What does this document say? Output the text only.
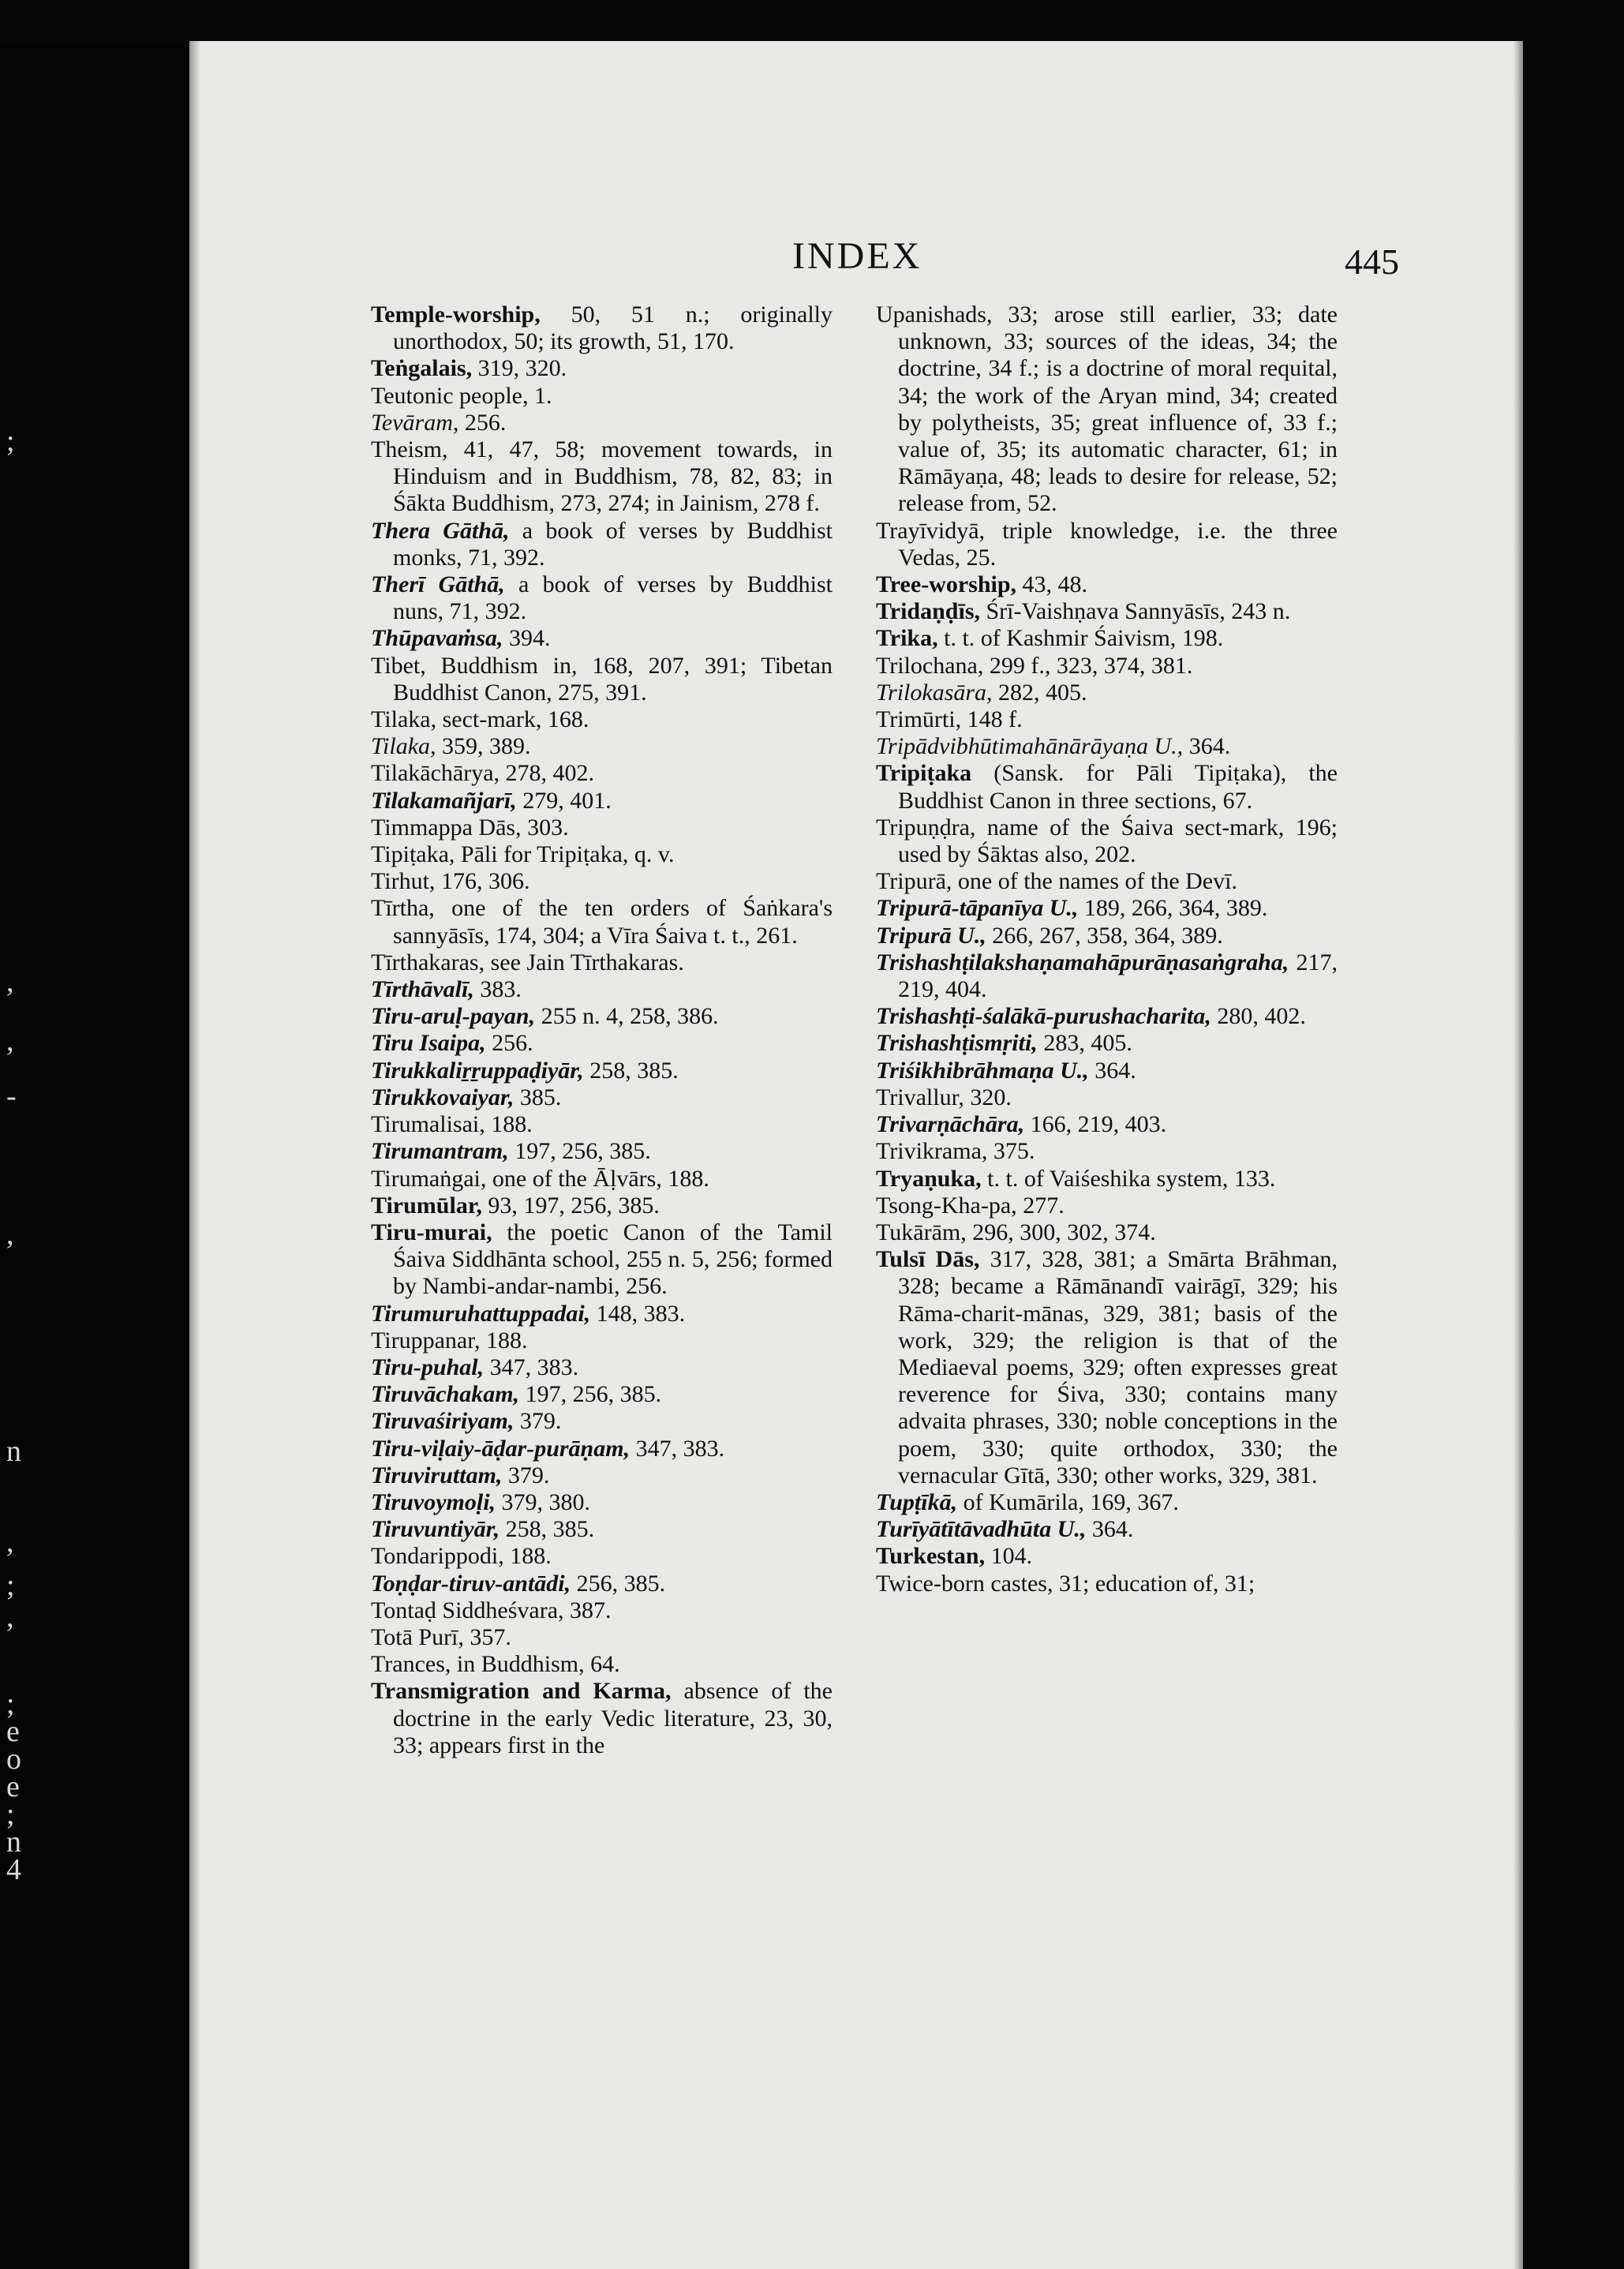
;
,
,
-
,
n
,
;
,
;
e
o
e
;
n
4
INDEX	445

Temple-worship, 50, 51 n.; originally unorthodox, 50; its growth, 51, 170.

Teṅgalais, 319, 320.

Teutonic people, 1.

Tevāram, 256.

Theism, 41, 47, 58; movement towards, in Hinduism and in Buddhism, 78, 82, 83; in Śākta Buddhism, 273, 274; in Jainism, 278 f.

Thera Gāthā, a book of verses by Buddhist monks, 71, 392.

Therī Gāthā, a book of verses by Buddhist nuns, 71, 392.

Thūpavaṁsa, 394.

Tibet, Buddhism in, 168, 207, 391; Tibetan Buddhist Canon, 275, 391.

Tilaka, sect-mark, 168.

Tilaka, 359, 389.

Tilakāchārya, 278, 402.

Tilakamañjarī, 279, 401.

Timmappa Dās, 303.

Tipiṭaka, Pāli for Tripiṭaka, q. v.

Tirhut, 176, 306.

Tīrtha, one of the ten orders of Śaṅkara's sannyāsīs, 174, 304; a Vīra Śaiva t. t., 261.

Tīrthakaras, see Jain Tīrthakaras.

Tīrthāvalī, 383.

Tiru-aruḷ-payan, 255 n. 4, 258, 386.

Tiru Isaipa, 256.

Tirukkaliṟṟuppaḍiyār, 258, 385.

Tirukkovaiyar, 385.

Tirumalisai, 188.

Tirumantram, 197, 256, 385.

Tirumaṅgai, one of the Āḷvārs, 188.

Tirumūlar, 93, 197, 256, 385.

Tiru-murai, the poetic Canon of the Tamil Śaiva Siddhānta school, 255 n. 5, 256; formed by Nambi-andar-nambi, 256.

Tirumuruhattuppadai, 148, 383.

Tiruppanar, 188.

Tiru-puhal, 347, 383.

Tiruvāchakam, 197, 256, 385.

Tiruvaśiriyam, 379.

Tiru-viḷaiy-āḍar-purāṇam, 347, 383.

Tiruviruttam, 379.

Tiruvoymoḷi, 379, 380.

Tiruvuntiyār, 258, 385.

Tondarippodi, 188.

Toṇḍar-tiruv-antādi, 256, 385.

Tontaḍ Siddheśvara, 387.

Totā Purī, 357.

Trances, in Buddhism, 64.

Transmigration and Karma, absence of the doctrine in the early Vedic literature, 23, 30, 33; appears first in the

Upanishads, 33; arose still earlier, 33; date unknown, 33; sources of the ideas, 34; the doctrine, 34 f.; is a doctrine of moral requital, 34; the work of the Aryan mind, 34; created by polytheists, 35; great influence of, 33 f.; value of, 35; its automatic character, 61; in Rāmāyaṇa, 48; leads to desire for release, 52; release from, 52.

Trayīvidyā, triple knowledge, i.e. the three Vedas, 25.

Tree-worship, 43, 48.

Tridaṇḍīs, Śrī-Vaishṇava Sannyāsīs, 243 n.

Trika, t. t. of Kashmir Śaivism, 198.

Trilochana, 299 f., 323, 374, 381.

Trilokasāra, 282, 405.

Trimūrti, 148 f.

Tripādvibhūtimahānārāyaṇa U., 364.

Tripiṭaka (Sansk. for Pāli Tipiṭaka), the Buddhist Canon in three sections, 67.

Tripuṇḍra, name of the Śaiva sect-mark, 196; used by Śāktas also, 202.

Tripurā, one of the names of the Devī.

Tripurā-tāpanīya U., 189, 266, 364, 389.

Tripurā U., 266, 267, 358, 364, 389.

Trishashṭilakshaṇamahāpurāṇasaṅgraha, 217, 219, 404.

Trishashṭi-śalākā-purushacharita, 280, 402.

Trishashṭismṛiti, 283, 405.

Triśikhibrāhmaṇa U., 364.

Trivallur, 320.

Trivarṇāchāra, 166, 219, 403.

Trivikrama, 375.

Tryaṇuka, t. t. of Vaiśeshika system, 133.

Tsong-Kha-pa, 277.

Tukārām, 296, 300, 302, 374.

Tulsī Dās, 317, 328, 381; a Smārta Brāhman, 328; became a Rāmānandī vairāgī, 329; his Rāma-charit-mānas, 329, 381; basis of the work, 329; the religion is that of the Mediaeval poems, 329; often expresses great reverence for Śiva, 330; contains many advaita phrases, 330; noble conceptions in the poem, 330; quite orthodox, 330; the vernacular Gītā, 330; other works, 329, 381.

Tupṭīkā, of Kumārila, 169, 367.

Turīyātītāvadhūta U., 364.

Turkestan, 104.

Twice-born castes, 31; education of, 31;
